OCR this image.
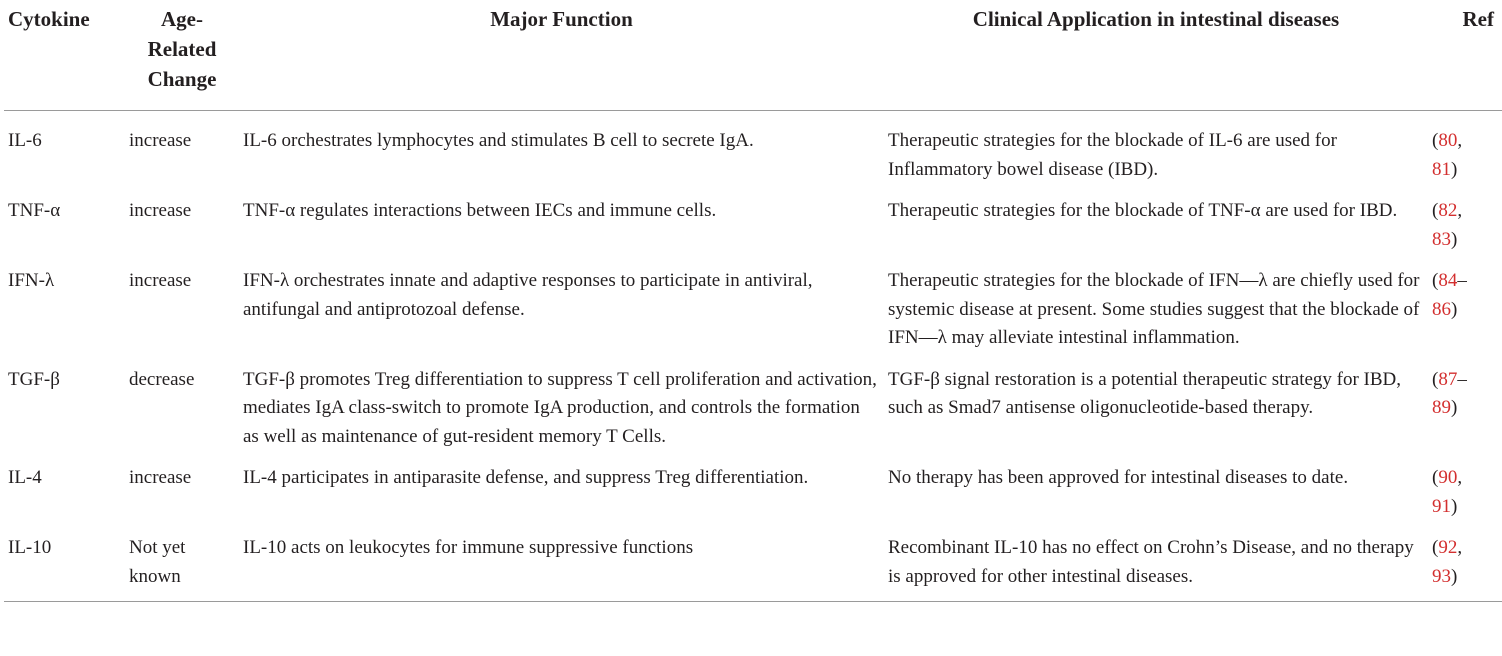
Cytokine	Age-Related Change	Major Function	Clinical Application in intestinal diseases	Ref
IL-6	increase	IL-6 orchestrates lymphocytes and stimulates B cell to secrete IgA.	Therapeutic strategies for the blockade of IL-6 are used for Inflammatory bowel disease (IBD).	(80,
81)
TNF-α	increase	TNF-α regulates interactions between IECs and immune cells.	Therapeutic strategies for the blockade of TNF-α are used for IBD.	(82,
83)
IFN-λ	increase	IFN-λ orchestrates innate and adaptive responses to participate in antiviral, antifungal and antiprotozoal defense.	Therapeutic strategies for the blockade of IFN—λ are chiefly used for systemic disease at present. Some studies suggest that the blockade of IFN—λ may alleviate intestinal inflammation.	(84–
86)
TGF-β	decrease	TGF-β promotes Treg differentiation to suppress T cell proliferation and activation, mediates IgA class-switch to promote IgA production, and controls the formation as well as maintenance of gut-resident memory T Cells.	TGF-β signal restoration is a potential therapeutic strategy for IBD, such as Smad7 antisense oligonucleotide-based therapy.	(87–
89)
IL-4	increase	IL-4 participates in antiparasite defense, and suppress Treg differentiation.	No therapy has been approved for intestinal diseases to date.	(90,
91)
IL-10	Not yet known	IL-10 acts on leukocytes for immune suppressive functions	Recombinant IL-10 has no effect on Crohn’s Disease, and no therapy is approved for other intestinal diseases.	(92,
93)
